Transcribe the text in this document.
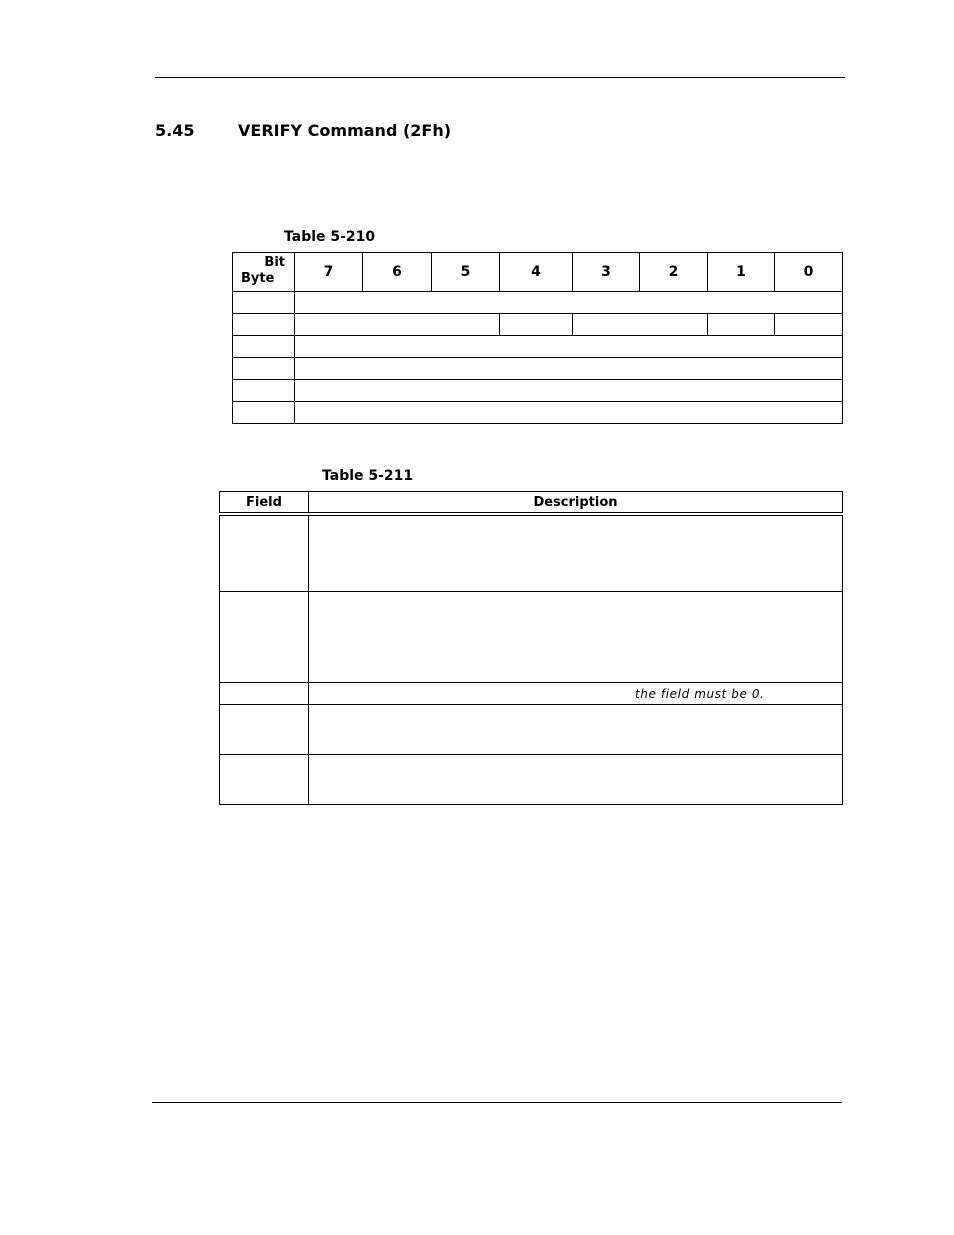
5.45	VERIFY Command (2Fh)
Table 5-210
Bit
Byte	7	6	5	4	3	2	1	0

Table 5-211
Field	Description

	the field must be 0.
